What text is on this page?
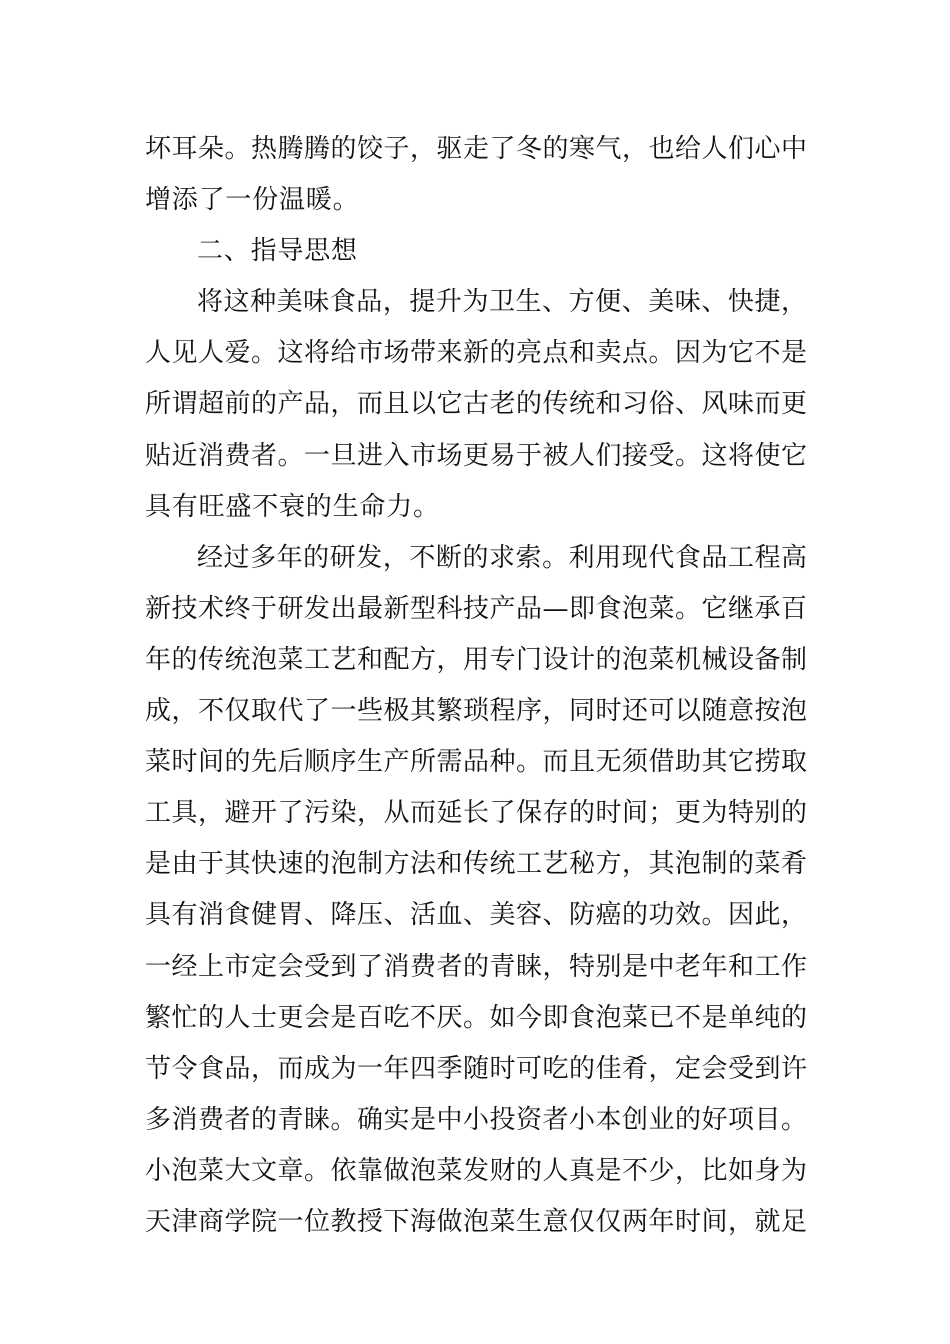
坏耳朵。热腾腾的饺子，驱走了冬的寒气，也给人们心中
增添了一份温暖。
二、指导思想
将这种美味食品，提升为卫生、方便、美味、快捷，
人见人爱。这将给市场带来新的亮点和卖点。因为它不是
所谓超前的产品，而且以它古老的传统和习俗、风味而更
贴近消费者。一旦进入市场更易于被人们接受。这将使它
具有旺盛不衰的生命力。
经过多年的研发，不断的求索。利用现代食品工程高
新技术终于研发出最新型科技产品—即食泡菜。它继承百
年的传统泡菜工艺和配方，用专门设计的泡菜机械设备制
成，不仅取代了一些极其繁琐程序，同时还可以随意按泡
菜时间的先后顺序生产所需品种。而且无须借助其它捞取
工具，避开了污染，从而延长了保存的时间；更为特别的
是由于其快速的泡制方法和传统工艺秘方，其泡制的菜肴
具有消食健胃、降压、活血、美容、防癌的功效。因此，
一经上市定会受到了消费者的青睐，特别是中老年和工作
繁忙的人士更会是百吃不厌。如今即食泡菜已不是单纯的
节令食品，而成为一年四季随时可吃的佳肴，定会受到许
多消费者的青睐。确实是中小投资者小本创业的好项目。
小泡菜大文章。依靠做泡菜发财的人真是不少，比如身为
天津商学院一位教授下海做泡菜生意仅仅两年时间，就足
